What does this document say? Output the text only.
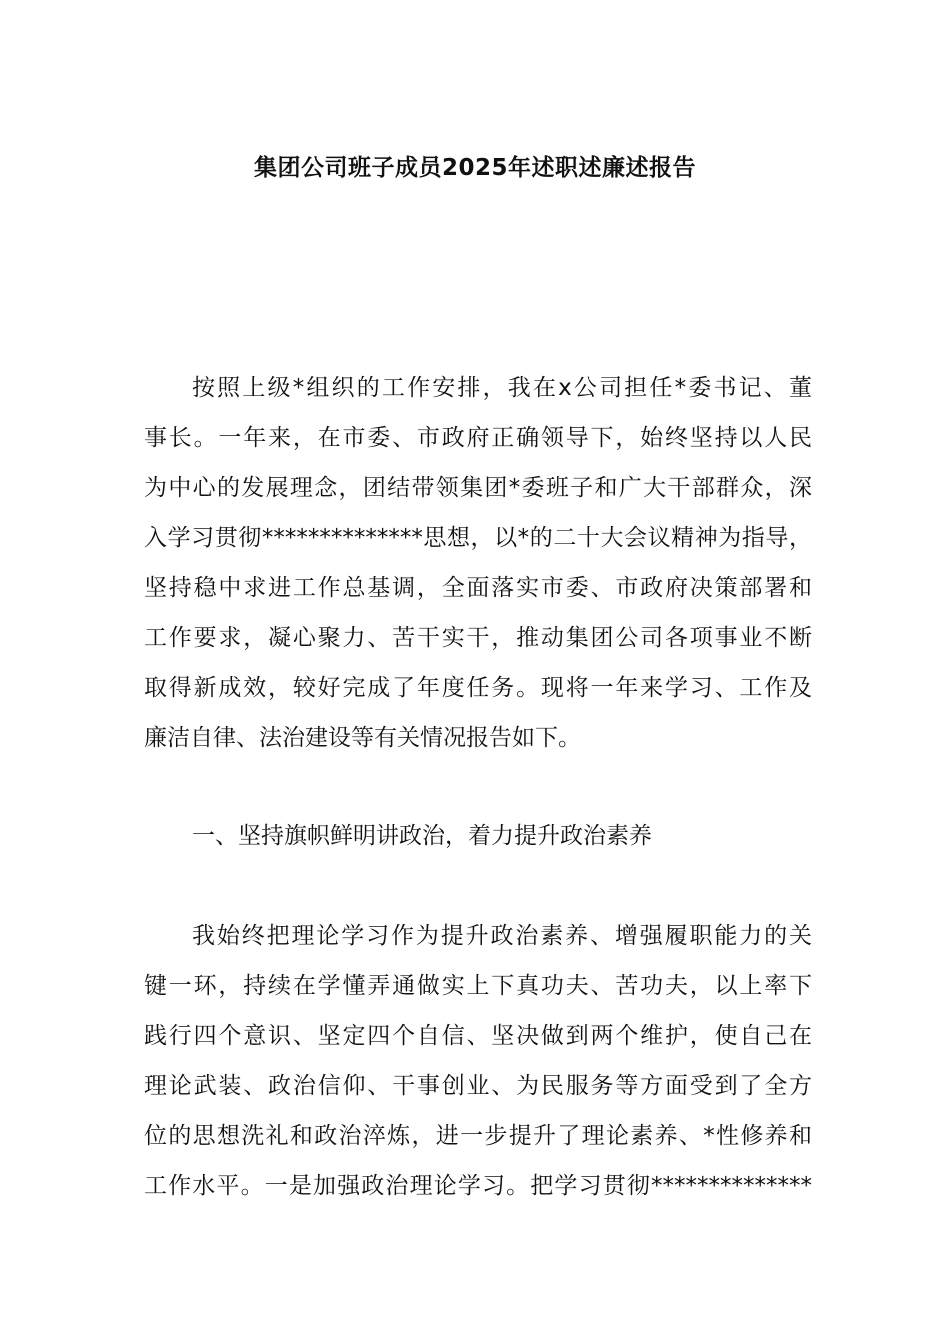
集团公司班子成员2025年述职述廉述报告
按照上级*组织的工作安排，我在x公司担任*委书记、董
事长。一年来，在市委、市政府正确领导下，始终坚持以人民
为中心的发展理念，团结带领集团*委班子和广大干部群众，深
入学习贯彻**************思想，以*的二十大会议精神为指导，
坚持稳中求进工作总基调，全面落实市委、市政府决策部署和
工作要求，凝心聚力、苦干实干，推动集团公司各项事业不断
取得新成效，较好完成了年度任务。现将一年来学习、工作及
廉洁自律、法治建设等有关情况报告如下。
一、坚持旗帜鲜明讲政治，着力提升政治素养
我始终把理论学习作为提升政治素养、增强履职能力的关
键一环，持续在学懂弄通做实上下真功夫、苦功夫，以上率下
践行四个意识、坚定四个自信、坚决做到两个维护，使自己在
理论武装、政治信仰、干事创业、为民服务等方面受到了全方
位的思想洗礼和政治淬炼，进一步提升了理论素养、*性修养和
工作水平。一是加强政治理论学习。把学习贯彻**************
